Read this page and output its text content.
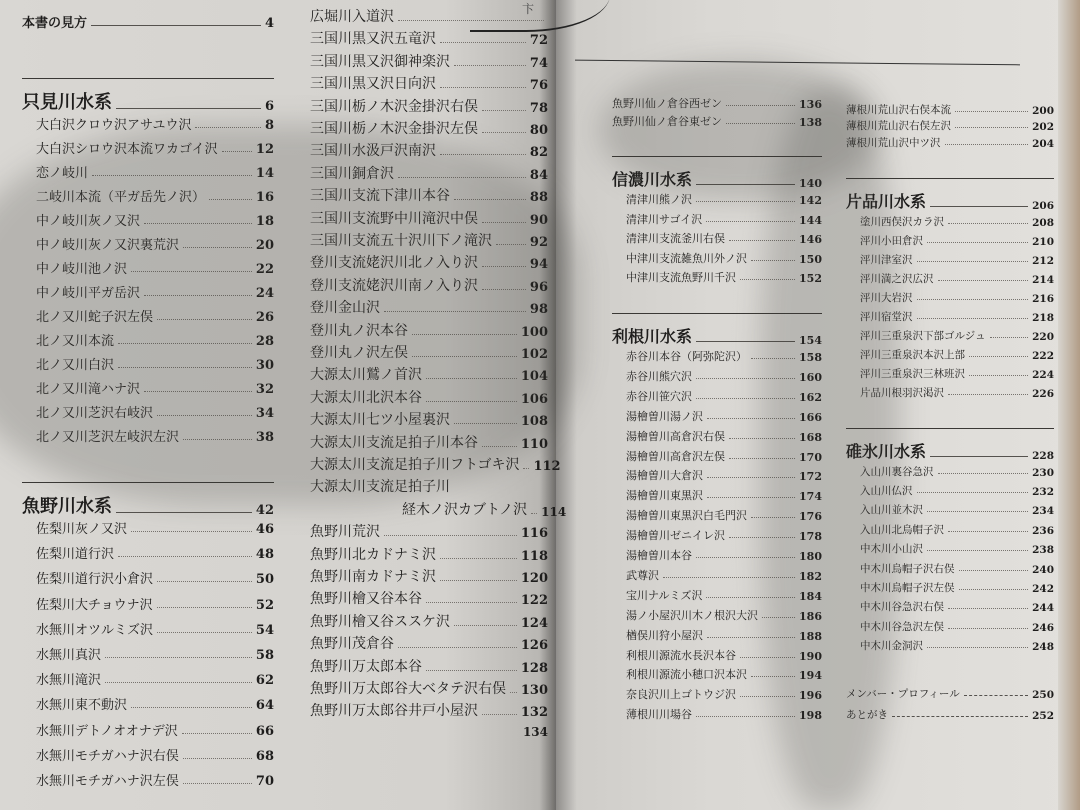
卞
本書の見方	4
只見川水系	6
大白沢クロウ沢アサユウ沢	8
大白沢シロウ沢本流ワカゴイ沢	12
恋ノ岐川	14
二岐川本流（平ガ岳先ノ沢）	16
中ノ岐川灰ノ又沢	18
中ノ岐川灰ノ又沢裏荒沢	20
中ノ岐川池ノ沢	22
中ノ岐川平ガ岳沢	24
北ノ又川蛇子沢左俣	26
北ノ又川本流	28
北ノ又川白沢	30
北ノ又川滝ハナ沢	32
北ノ又川芝沢右岐沢	34
北ノ又川芝沢左岐沢左沢	38
魚野川水系	42
佐梨川灰ノ又沢	46
佐梨川道行沢	48
佐梨川道行沢小倉沢	50
佐梨川大チョウナ沢	52
水無川オツルミズ沢	54
水無川真沢	58
水無川滝沢	62
水無川東不動沢	64
水無川デトノオオナデ沢	66
水無川モチガハナ沢右俣	68
水無川モチガハナ沢左俣	70
広堀川入道沢
三国川黒又沢五竜沢	72
三国川黒又沢御神楽沢	74
三国川黒又沢日向沢	76
三国川栃ノ木沢金掛沢右俣	78
三国川栃ノ木沢金掛沢左俣	80
三国川水汲戸沢南沢	82
三国川銅倉沢	84
三国川支流下津川本谷	88
三国川支流野中川滝沢中俣	90
三国川支流五十沢川下ノ滝沢	92
登川支流姥沢川北ノ入り沢	94
登川支流姥沢川南ノ入り沢	96
登川金山沢	98
登川丸ノ沢本谷	100
登川丸ノ沢左俣	102
大源太川鷲ノ首沢	104
大源太川北沢本谷	106
大源太川七ツ小屋裏沢	108
大源太川支流足拍子川本谷	110
大源太川支流足拍子川フトゴキ沢 112
大源太川支流足拍子川
経木ノ沢カブトノ沢 114
魚野川荒沢	116
魚野川北カドナミ沢	118
魚野川南カドナミ沢	120
魚野川檜又谷本谷	122
魚野川檜又谷ススケ沢	124
魚野川茂倉谷	126
魚野川万太郎本谷	128
魚野川万太郎谷大ベタテ沢右俣 130
魚野川万太郎谷井戸小屋沢	132
134
魚野川仙ノ倉谷西ゼン	136
魚野川仙ノ倉谷東ゼン	138
信濃川水系	140
清津川熊ノ沢	142
清津川サゴイ沢	144
清津川支流釜川右俣	146
中津川支流雑魚川外ノ沢	150
中津川支流魚野川千沢	152
利根川水系	154
赤谷川本谷（阿弥陀沢）	158
赤谷川熊穴沢	160
赤谷川笹穴沢	162
湯檜曽川湯ノ沢	166
湯檜曽川高倉沢右俣	168
湯檜曽川高倉沢左俣	170
湯檜曽川大倉沢	172
湯檜曽川東黒沢	174
湯檜曽川東黒沢白毛門沢	176
湯檜曽川ゼニイレ沢	178
湯檜曽川本谷	180
武尊沢	182
宝川ナルミズ沢	184
湯ノ小屋沢川木ノ根沢大沢	186
楢俣川狩小屋沢	188
利根川源流水長沢本谷	190
利根川源流小穂口沢本沢	194
奈良沢川上ゴトウジ沢	196
薄根川川場谷	198
薄根川荒山沢右俣本流	200
薄根川荒山沢右俣左沢	202
薄根川荒山沢中ツ沢	204
片品川水系	206
塗川西俣沢カラ沢	208
泙川小田倉沢	210
泙川津室沢	212
泙川満之沢広沢	214
泙川大岩沢	216
泙川宿堂沢	218
泙川三重泉沢下部ゴルジュ	220
泙川三重泉沢本沢上部	222
泙川三重泉沢三林班沢	224
片品川根羽沢渇沢	226
碓氷川水系	228
入山川裏谷急沢	230
入山川仏沢	232
入山川並木沢	234
入山川北烏帽子沢	236
中木川小山沢	238
中木川烏帽子沢右俣	240
中木川烏帽子沢左俣	242
中木川谷急沢右俣	244
中木川谷急沢左俣	246
中木川金洞沢	248
メンバー・プロフィール	250
あとがき	252
